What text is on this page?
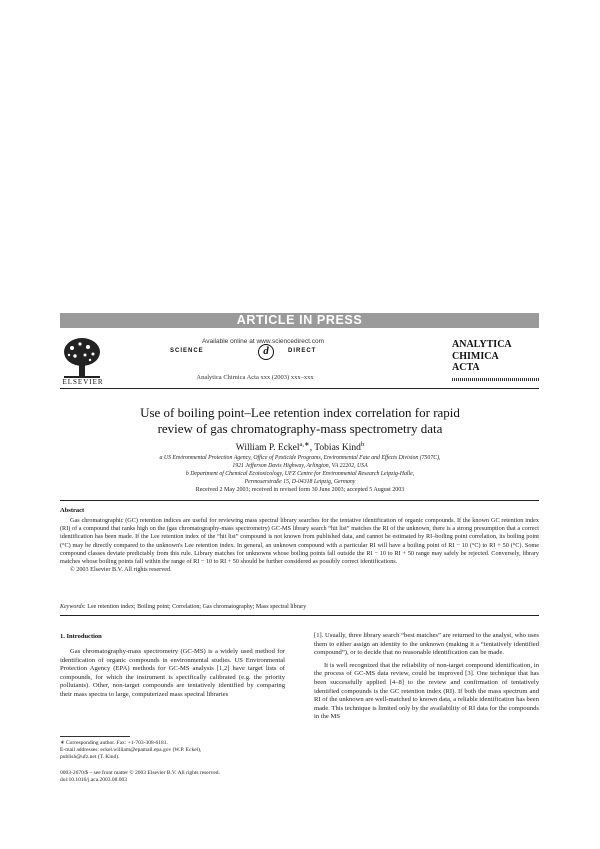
ARTICLE IN PRESS
ELSEVIER
Available online at www.sciencedirect.com
SCIENCE	d	DIRECT
Analytica Chimica Acta xxx (2003) xxx–xxx
ANALYTICA
CHIMICA
ACTA
Use of boiling point–Lee retention index correlation for rapid
review of gas chromatography-mass spectrometry data
William P. Eckel$^{a,∗}$, Tobias Kind$^b$
a US Environmental Protection Agency, Office of Pesticide Programs, Environmental Fate and Effects Division (7507C),
1921 Jefferson Davis Highway, Arlington, VA 22202, USA
b Department of Chemical Ecotoxicology, UFZ Centre for Environmental Research Leipzig-Halle,
Permoserstraße 15, D-04318 Leipzig, Germany
Received 2 May 2003; received in revised form 30 June 2003; accepted 5 August 2003
Abstract
Gas chromatographic (GC) retention indices are useful for reviewing mass spectral library searches for the tentative identification of organic compounds. If the known GC retention index (RI) of a compound that ranks high on the (gas chromatography-mass spectrometry) GC-MS library search “hit list” matches the RI of the unknown, there is a strong presumption that a correct identification has been made. If the Lee retention index of the “hit list” compound is not known from published data, and cannot be estimated by RI–boiling point correlation, its boiling point (°C) may be directly compared to the unknown's Lee retention index. In general, an unknown compound with a particular RI will have a boiling point of RI − 10 (°C) to RI + 50 (°C). Some compound classes deviate predictably from this rule. Library matches for unknowns whose boiling points fall outside the RI − 10 to RI + 50 range may safely be rejected. Conversely, library matches whose boiling points fall within the range of RI − 10 to RI + 50 should be further considered as possibly correct identifications.
© 2003 Elsevier B.V. All rights reserved.
Keywords: Lee retention index; Boiling point; Correlation; Gas chromatography; Mass spectral library
1. Introduction
Gas chromatography-mass spectrometry (GC-MS) is a widely used method for identification of organic compounds in environmental studies. US Environmental Protection Agency (EPA) methods for GC-MS analysis [1,2] have target lists of compounds, for which the instrument is specifically calibrated (e.g. the priority pollutants). Other, non-target compounds are tentatively identified by comparing their mass spectra to large, computerized mass spectral libraries
[1]. Usually, three library search “best matches” are returned to the analyst, who uses them to either assign an identity to the unknown (making it a “tentatively identified compound”), or to decide that no reasonable identification can be made.
It is well recognized that the reliability of non-target compound identification, in the process of GC-MS data review, could be improved [3]. One technique that has been successfully applied [4–8] to the review and confirmation of tentatively identified compounds is the GC retention index (RI). If both the mass spectrum and RI of the unknown are well-matched to known data, a reliable identification has been made. This technique is limited only by the availability of RI data for the compounds in the MS
∗ Corresponding author. Fax: +1-703-308-6181.
E-mail addresses: eckel.william@epamail.epa.gov (W.P. Eckel),
publish@ufz.net (T. Kind).
0003-2670/$ – see front matter © 2003 Elsevier B.V. All rights reserved.
doi:10.1016/j.aca.2003.08.003
